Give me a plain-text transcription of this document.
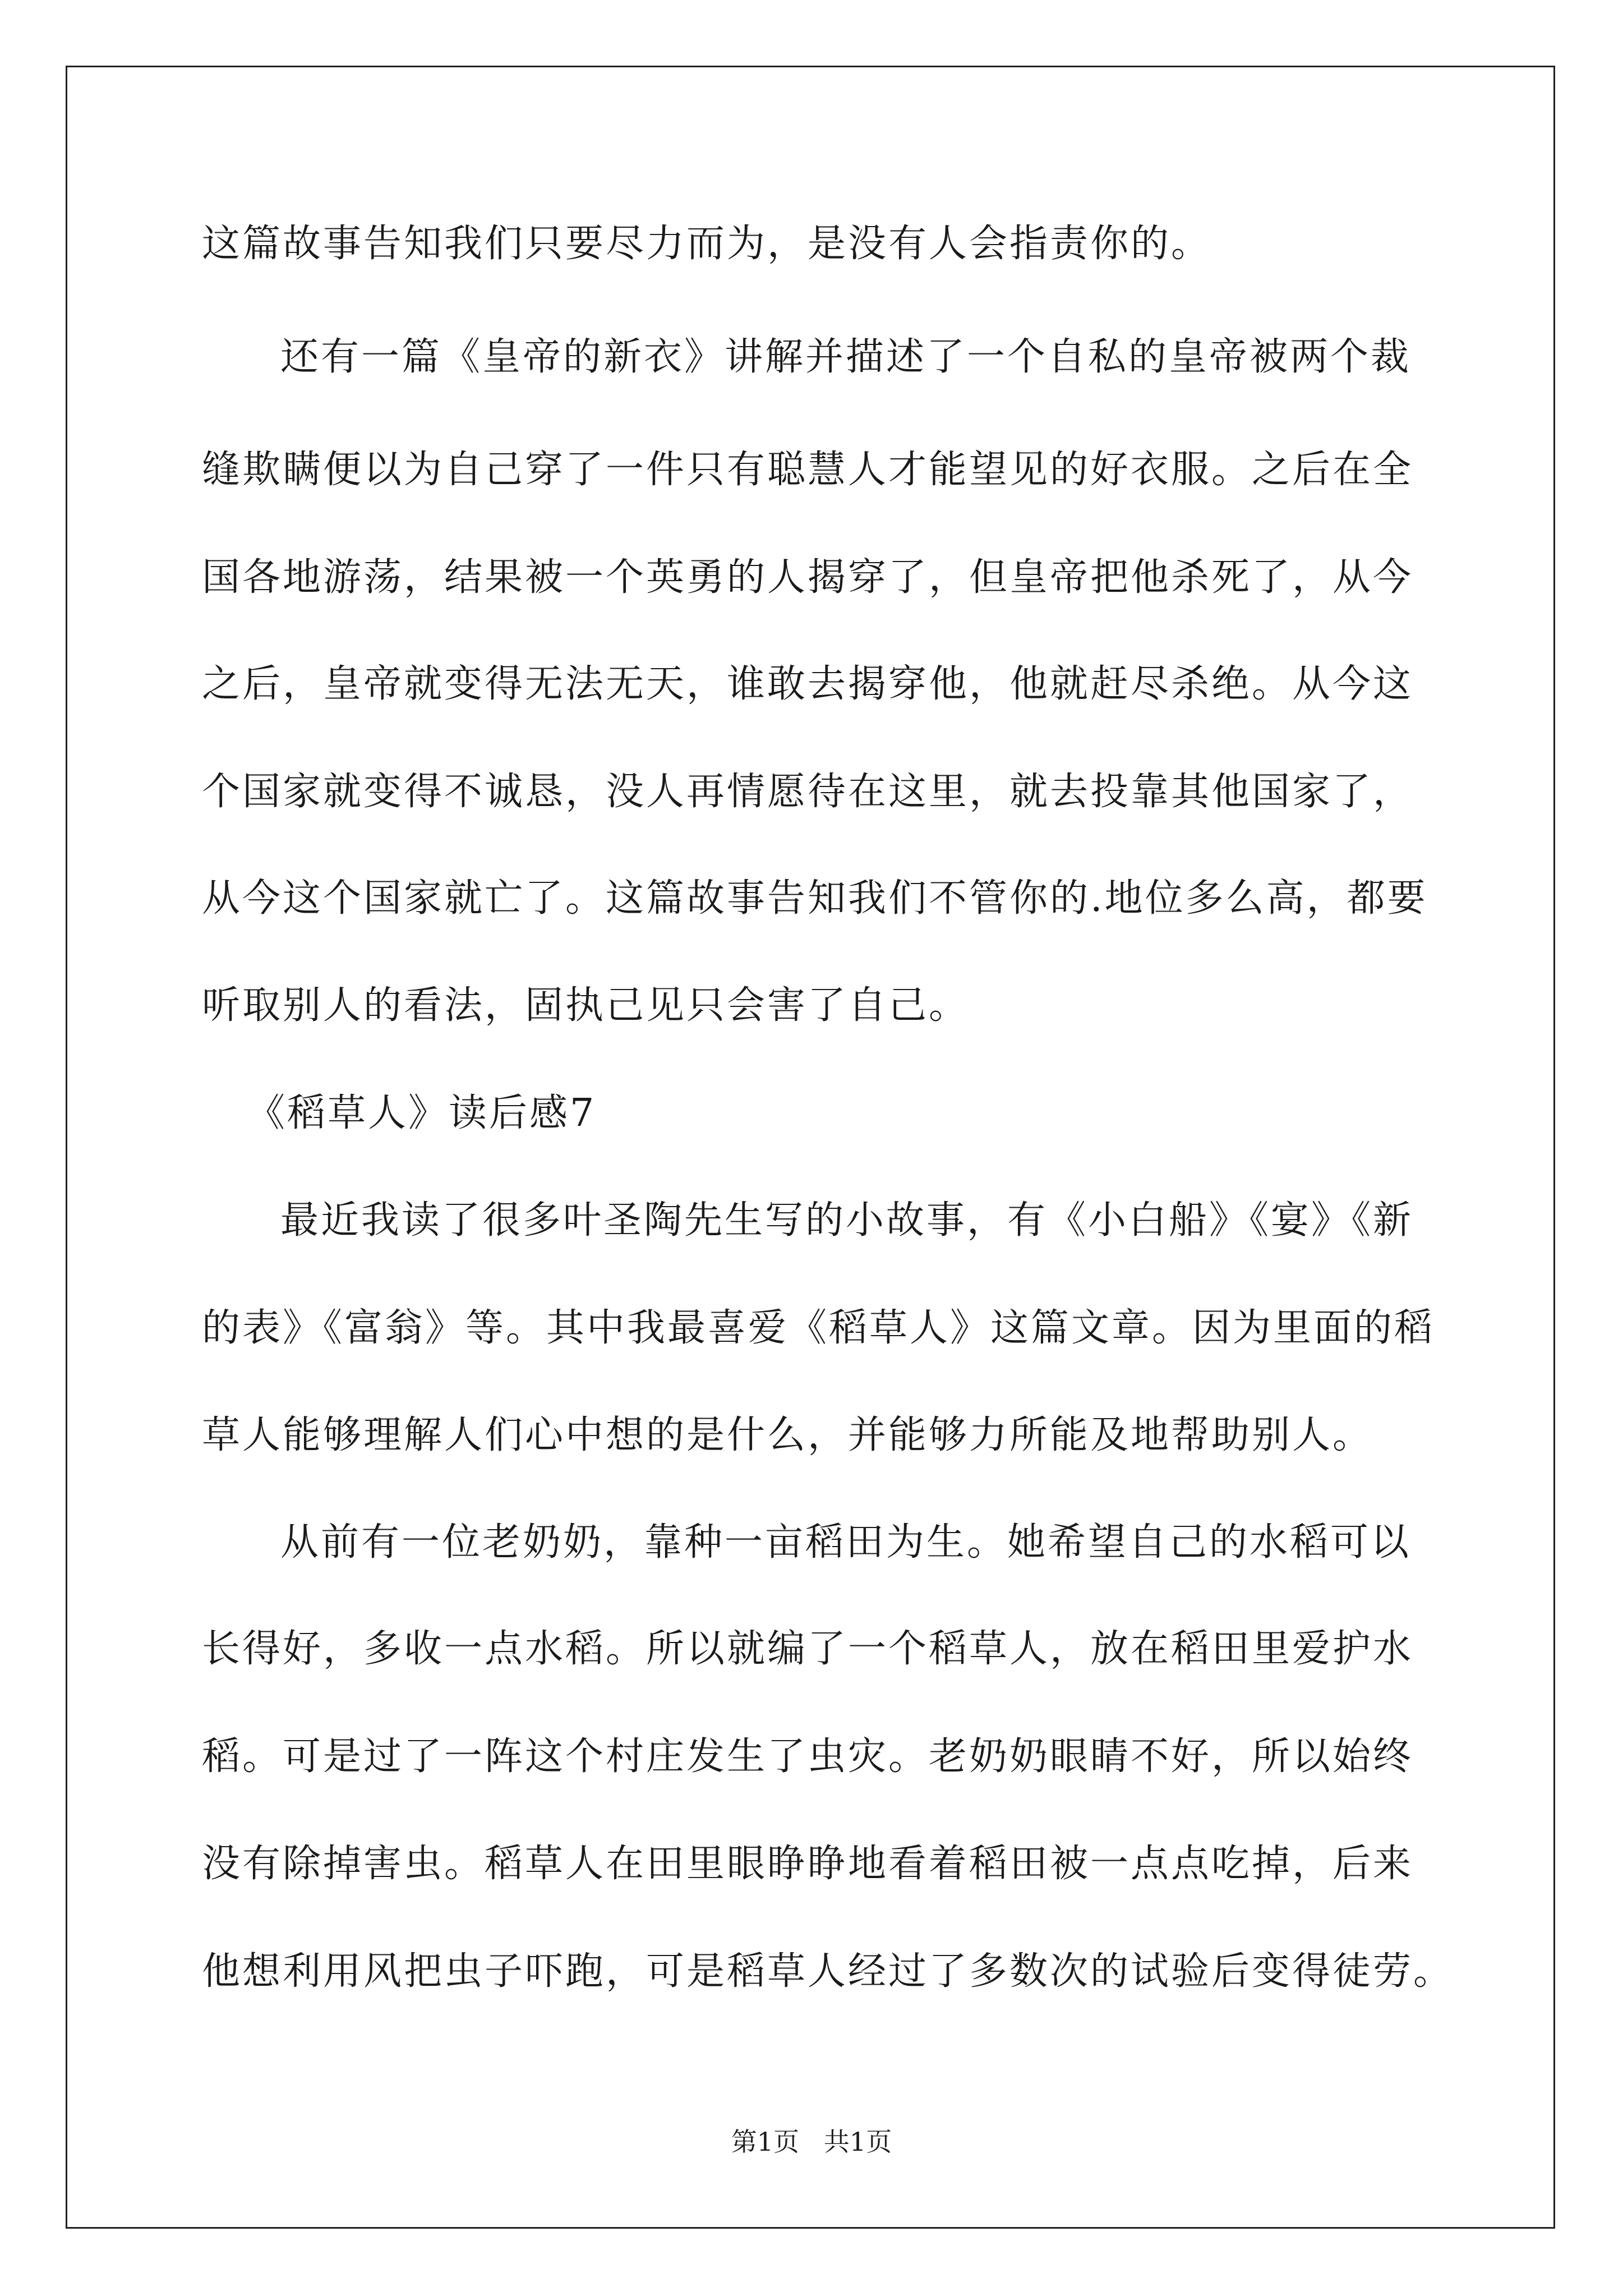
这篇故事告知我们只要尽力而为，是没有人会指责你的。
还有一篇《皇帝的新衣》讲解并描述了一个自私的皇帝被两个裁
缝欺瞒便以为自己穿了一件只有聪慧人才能望见的好衣服。之后在全
国各地游荡，结果被一个英勇的人揭穿了，但皇帝把他杀死了，从今
之后，皇帝就变得无法无天，谁敢去揭穿他，他就赶尽杀绝。从今这
个国家就变得不诚恳，没人再情愿待在这里，就去投靠其他国家了，
从今这个国家就亡了。这篇故事告知我们不管你的.地位多么高，都要
听取别人的看法，固执己见只会害了自己。
《稻草人》读后感7
最近我读了很多叶圣陶先生写的小故事，有《小白船》《宴》《新
的表》《富翁》等。其中我最喜爱《稻草人》这篇文章。因为里面的稻
草人能够理解人们心中想的是什么，并能够力所能及地帮助别人。
从前有一位老奶奶，靠种一亩稻田为生。她希望自己的水稻可以
长得好，多收一点水稻。所以就编了一个稻草人，放在稻田里爱护水
稻。可是过了一阵这个村庄发生了虫灾。老奶奶眼睛不好，所以始终
没有除掉害虫。稻草人在田里眼睁睁地看着稻田被一点点吃掉，后来
他想利用风把虫子吓跑，可是稻草人经过了多数次的试验后变得徒劳。
第1页   共1页
